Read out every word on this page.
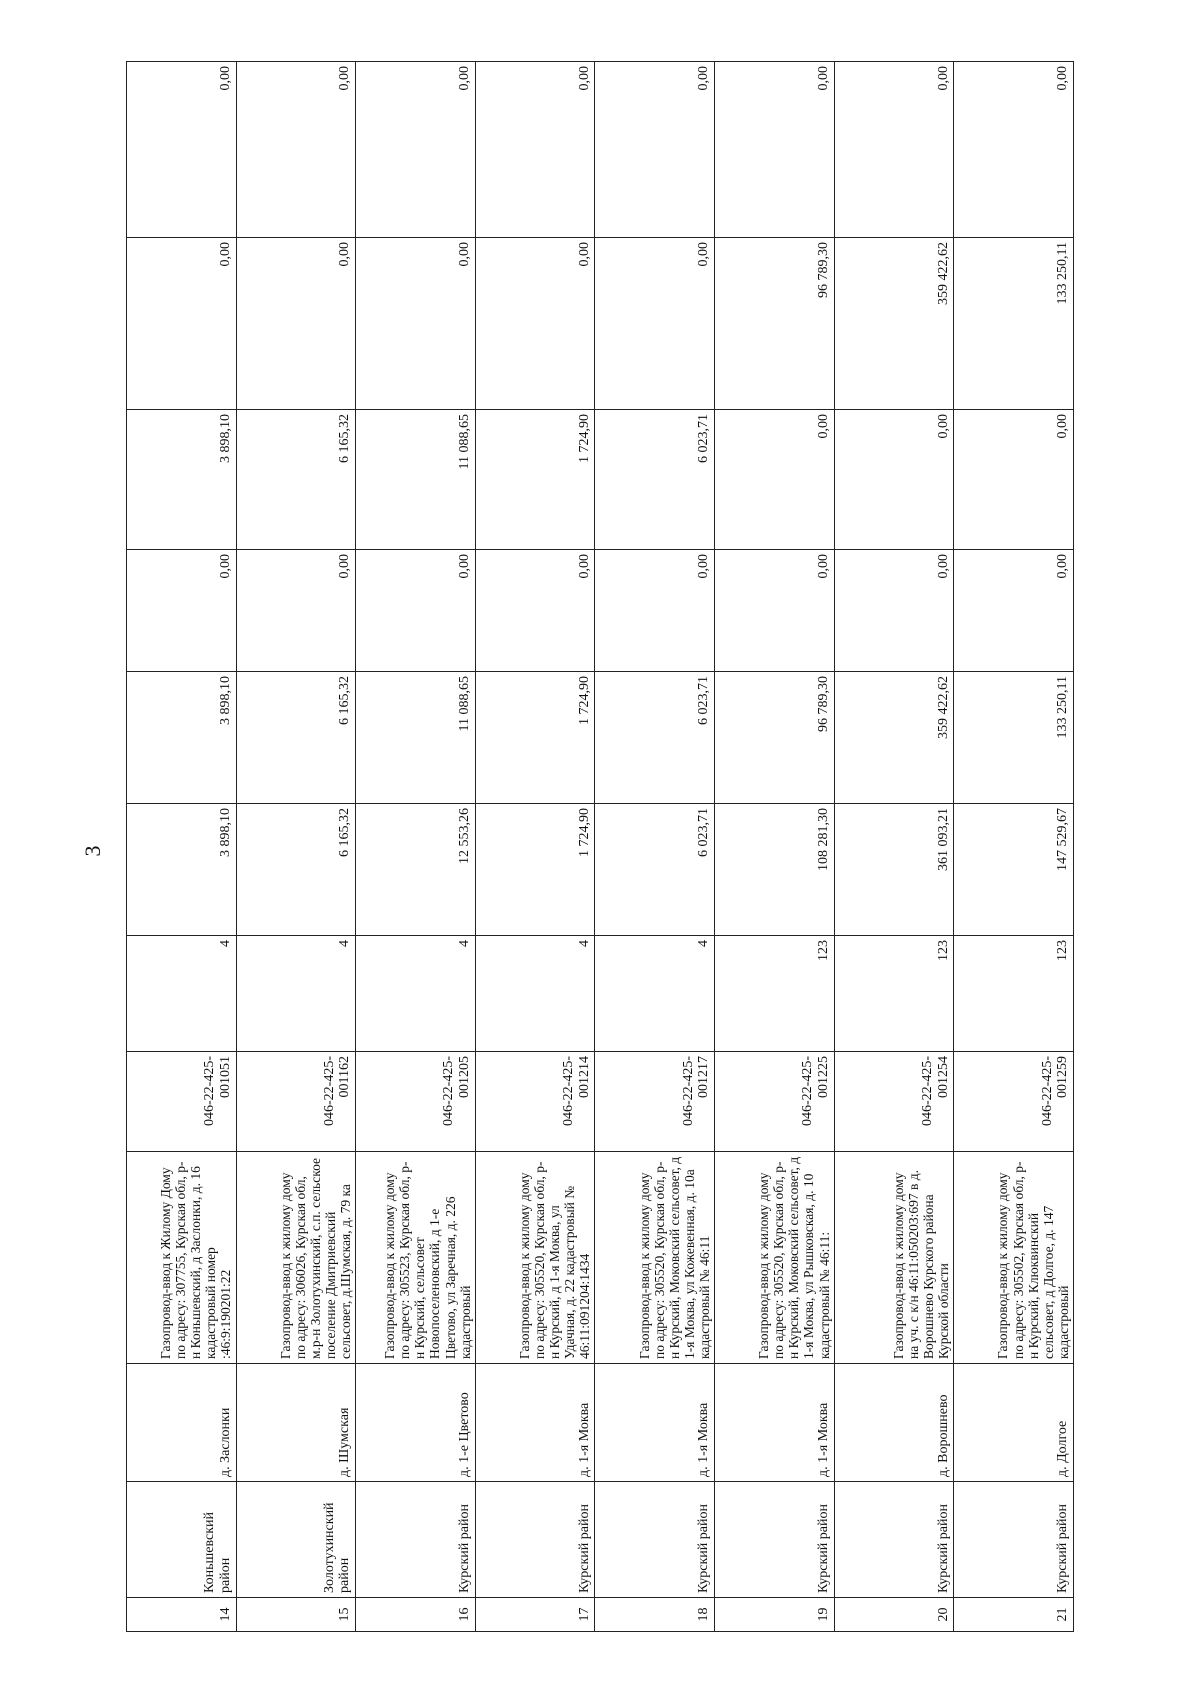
3
14	Коньшевский район	д. Заслонки	Газопровод-ввод к Жилому Дому по адресу: 307755, Курская обл, р-н Коньшевский, д Заслонки, д. 16 кадастровый номер :46:9:190201:22	046-22-425-001051	4	3 898,10	3 898,10	0,00	3 898,10	0,00	0,00
15	Золотухинский район	д. Шумская	Газопровод-ввод к жилому дому по адресу: 306026, Курская обл, м.р-н Золотухинский, с.п. сельское поселение Дмитриевский сельсовет, д.Шумская, д. 79 ка	046-22-425-001162	4	6 165,32	6 165,32	0,00	6 165,32	0,00	0,00
16	Курский район	д. 1-е Цветово	Газопровод-ввод к жилому дому по адресу: 305523, Курская обл, р-н Курский, сельсовет Новопоселеновский, д 1-е Цветово, ул Заречная, д. 226 кадастровый	046-22-425-001205	4	12 553,26	11 088,65	0,00	11 088,65	0,00	0,00
17	Курский район	д. 1-я Моква	Газопровод-ввод к жилому дому по адресу: 305520, Курская обл, р-н Курский, д 1-я Моква, ул Удачная, д. 22 кадастровый № 46:11:091204:1434	046-22-425-001214	4	1 724,90	1 724,90	0,00	1 724,90	0,00	0,00
18	Курский район	д. 1-я Моква	Газопровод-ввод к жилому дому по адресу: 305520, Курская обл, р-н Курский, Моковский сельсовет, д 1-я Моква, ул Кожевенная, д. 10а кадастровый № 46:11	046-22-425-001217	4	6 023,71	6 023,71	0,00	6 023,71	0,00	0,00
19	Курский район	д. 1-я Моква	Газопровод-ввод к жилому дому по адресу: 305520, Курская обл, р-н Курский, Моковский сельсовет, д 1-я Моква, ул Рышковская, д. 10 кадастровый № 46:11:	046-22-425-001225	123	108 281,30	96 789,30	0,00	0,00	96 789,30	0,00
20	Курский район	д. Ворошнево	Газопровод-ввод к жилому дому на уч. с к/н 46:11:050203:697 в д. Ворошнево Курского района Курской области	046-22-425-001254	123	361 093,21	359 422,62	0,00	0,00	359 422,62	0,00
21	Курский район	д. Долгое	Газопровод-ввод к жилому дому по адресу: 305502, Курская обл, р-н Курский, Клюквинский сельсовет, д Долгое, д. 147 кадастровый	046-22-425-001259	123	147 529,67	133 250,11	0,00	0,00	133 250,11	0,00
